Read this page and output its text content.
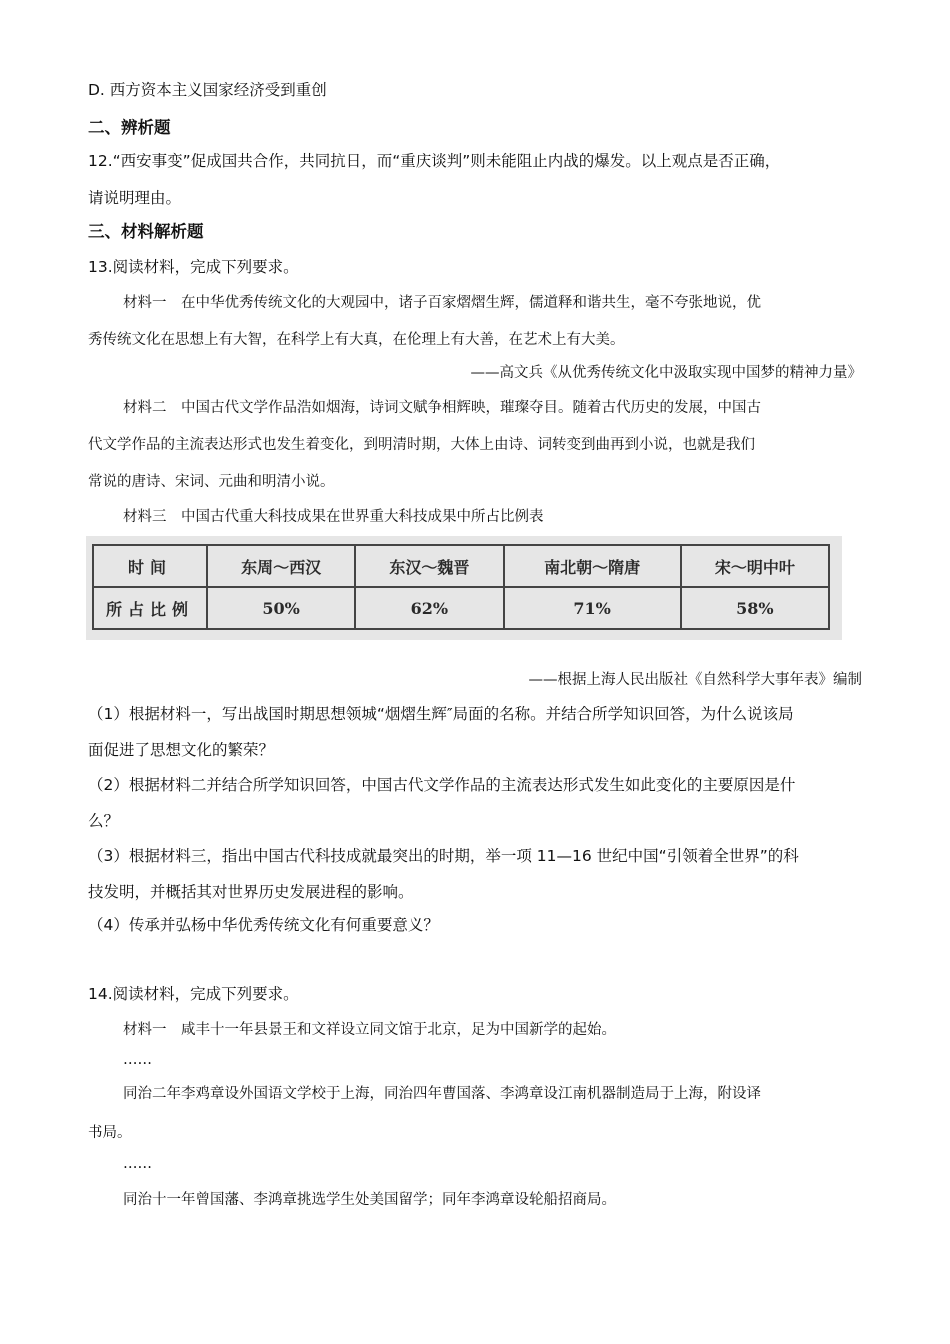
D. 西方资本主义国家经济受到重创
二、辨析题
12.“西安事变”促成国共合作，共同抗日，而“重庆谈判”则未能阻止内战的爆发。以上观点是否正确，
请说明理由。
三、材料解析题
13.阅读材料，完成下列要求。
材料一　在中华优秀传统文化的大观园中，诸子百家熠熠生辉，儒道释和谐共生，毫不夸张地说，优
秀传统文化在思想上有大智，在科学上有大真，在伦理上有大善，在艺术上有大美。
——高文兵《从优秀传统文化中汲取实现中国梦的精神力量》
材料二　中国古代文学作品浩如烟海，诗词文赋争相辉映，璀璨夺目。随着古代历史的发展，中国古
代文学作品的主流表达形式也发生着变化，到明清时期，大体上由诗、词转变到曲再到小说，也就是我们
常说的唐诗、宋词、元曲和明清小说。
材料三　中国古代重大科技成果在世界重大科技成果中所占比例表
时间	东周～西汉	东汉～魏晋	南北朝～隋唐	宋～明中叶
所占比例	50%	62%	71%	58%
——根据上海人民出版社《自然科学大事年表》编制
（1）根据材料一，写出战国时期思想领城“烟熠生辉″局面的名称。并结合所学知识回答，为什么说该局
面促进了思想文化的繁荣？
（2）根据材料二并结合所学知识回答，中国古代文学作品的主流表达形式发生如此变化的主要原因是什
么？
（3）根据材料三，指出中国古代科技成就最突出的时期，举一项 11—16 世纪中国“引领着全世界”的科
技发明，并概括其对世界历史发展进程的影响。
（4）传承并弘杨中华优秀传统文化有何重要意义？
14.阅读材料，完成下列要求。
材料一　咸丰十一年县景王和文祥设立同文馆于北京，足为中国新学的起始。
……
同治二年李鸡章设外国语文学校于上海，同治四年曹国落、李鸿章设江南机器制造局于上海，附设译
书局。
……
同治十一年曾国藩、李鸿章挑选学生处美国留学；同年李鸿章设轮船招商局。
